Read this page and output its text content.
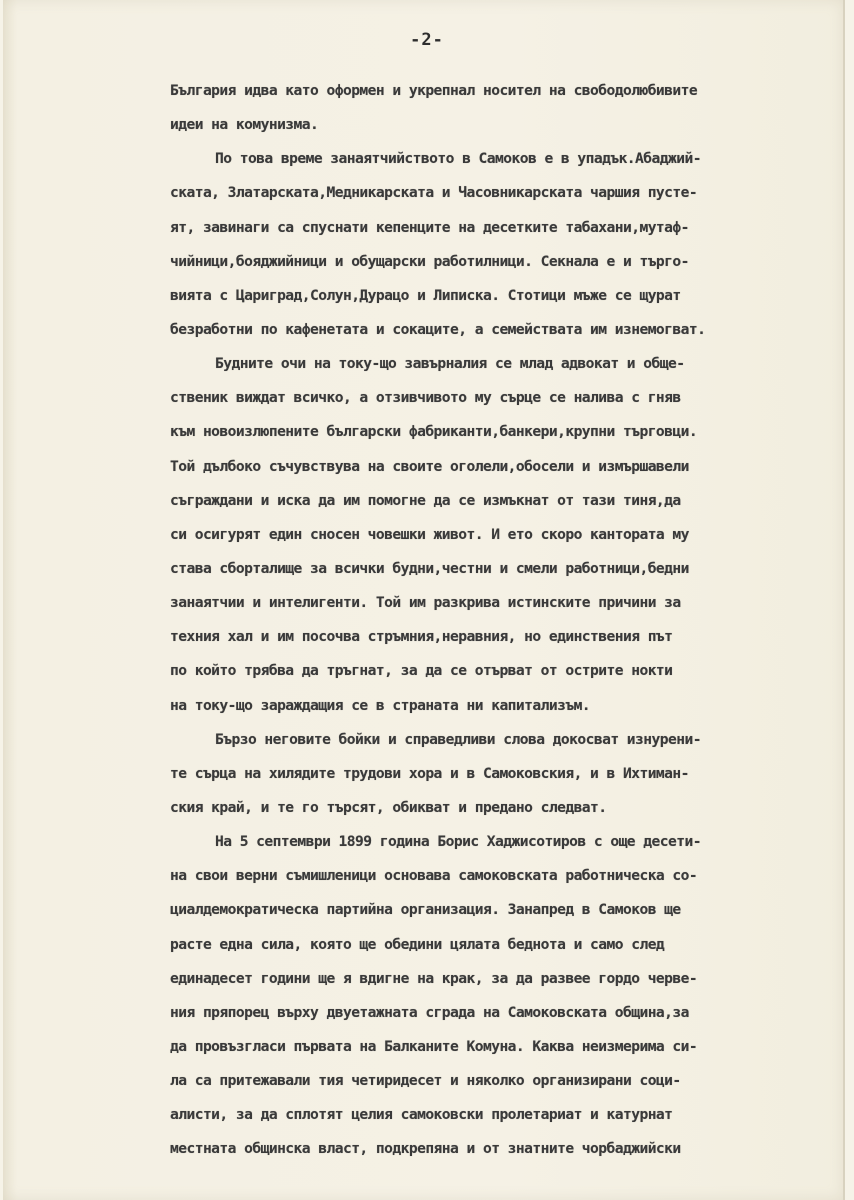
-2-
България идва като оформен и укрепнал носител на свободолюбивите
идеи на комунизма.
По това време занаятчийството в Самоков е в упадък.Абаджий-
ската, Златарската,Медникарската и Часовникарската чаршия пусте-
ят, завинаги са спуснати кепенците на десетките табахани,мутаф-
чийници,бояджийници и обущарски работилници. Секнала е и търго-
вията с Цариград,Солун,Дурацо и Липиска. Стотици мъже се щурат
безработни по кафенетата и сокаците, а семействата им изнемогват.
Будните очи на току-що завърналия се млад адвокат и обще-
ственик виждат всичко, а отзивчивото му сърце се налива с гняв
към новоизлюпените български фабриканти,банкери,крупни търговци.
Той дълбоко съчувствува на своите оголели,обосели и измършавели
съграждани и иска да им помогне да се измъкнат от тази тиня,да
си осигурят един сносен човешки живот. И ето скоро кантората му
става сборталище за всички будни,честни и смели работници,бедни
занаятчии и интелигенти. Той им разкрива истинските причини за
техния хал и им посочва стръмния,неравния, но единствения път
по който трябва да тръгнат, за да се отърват от острите нокти
на току-що зараждащия се в страната ни капитализъм.
Бързо неговите бойки и справедливи слова докосват изнурени-
те сърца на хилядите трудови хора и в Самоковския, и в Ихтиман-
ския край, и те го търсят, обикват и предано следват.
На 5 септември 1899 година Борис Хаджисотиров с още десети-
на свои верни съмишленици основава самоковската работническа со-
циалдемократическа партийна организация. Занапред в Самоков ще
расте една сила, която ще обедини цялата беднота и само след
единадесет години ще я вдигне на крак, за да развее гордо черве-
ния пряпорец върху двуетажната сграда на Самоковската община,за
да провъзгласи първата на Балканите Комуна. Каква неизмерима си-
ла са притежавали тия четиридесет и няколко организирани соци-
алисти, за да сплотят целия самоковски пролетариат и катурнат
местната общинска власт, подкрепяна и от знатните чорбаджийски
